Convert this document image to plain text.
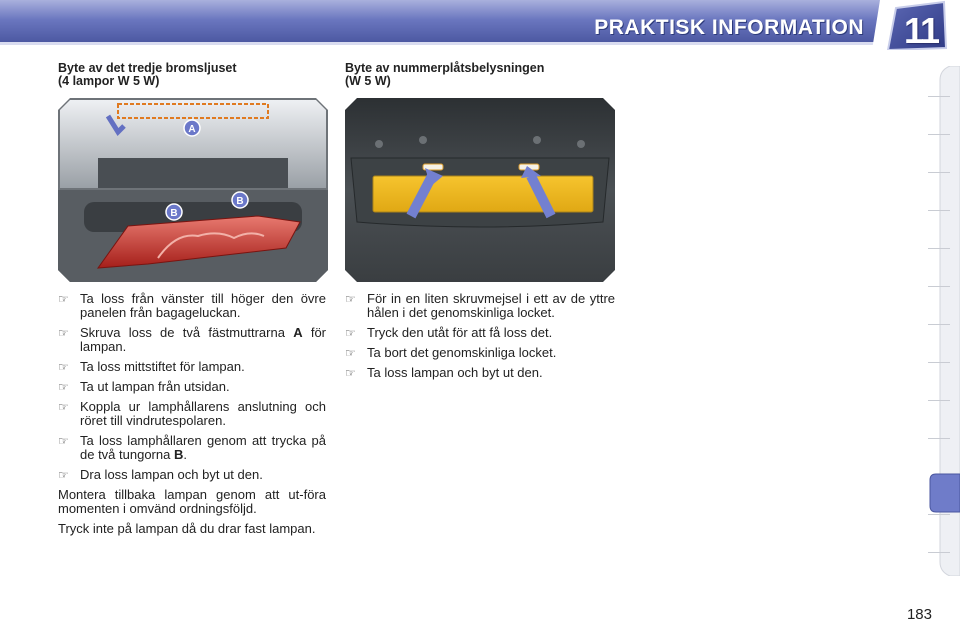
PRAKTISK INFORMATION 11
Byte av det tredje bromsljuset
(4 lampor W 5 W)
A
B
B
☞ Ta loss från vänster till höger den övre panelen från bagageluckan.
☞ Skruva loss de två fästmuttrarna A för lampan.
☞ Ta loss mittstiftet för lampan.
☞ Ta ut lampan från utsidan.
☞ Koppla ur lamphållarens anslutning och röret till vindrutespolaren.
☞ Ta loss lamphållaren genom att trycka på de två tungorna B.
☞ Dra loss lampan och byt ut den.

Montera tillbaka lampan genom att ut-föra momenten i omvänd ordningsföljd.

Tryck inte på lampan då du drar fast lampan.

Byte av nummerplåtsbelysningen
(W 5 W)
☞ För in en liten skruvmejsel i ett av de yttre hålen i det genomskinliga locket.
☞ Tryck den utåt för att få loss det.
☞ Ta bort det genomskinliga locket.
☞ Ta loss lampan och byt ut den.
183
